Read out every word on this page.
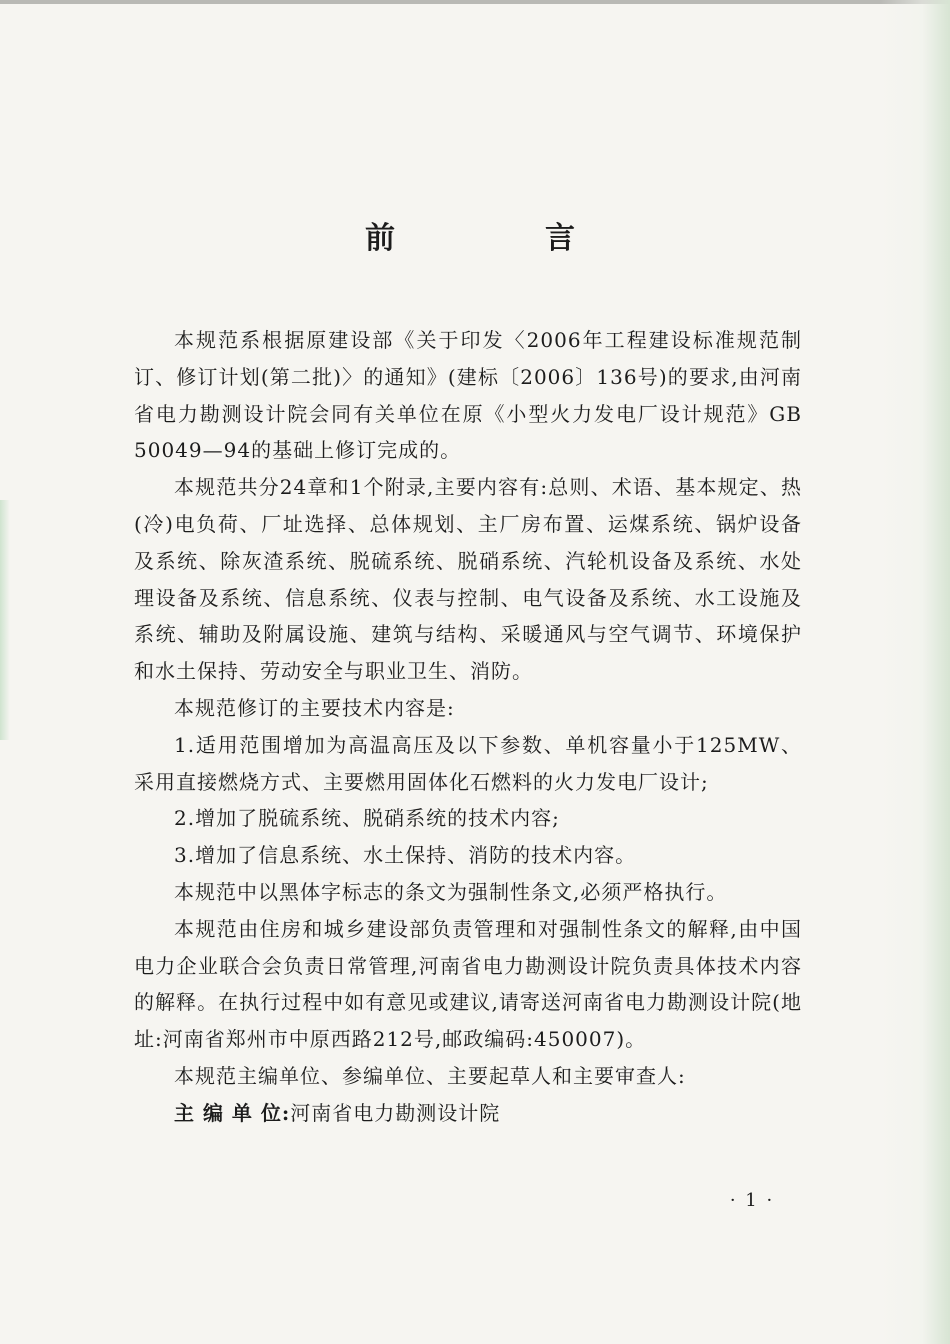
前　言

本规范系根据原建设部《关于印发〈2006年工程建设标准规范制订、修订计划(第二批)〉的通知》(建标〔2006〕136号)的要求,由河南省电力勘测设计院会同有关单位在原《小型火力发电厂设计规范》GB 50049—94的基础上修订完成的。

本规范共分24章和1个附录,主要内容有:总则、术语、基本规定、热(冷)电负荷、厂址选择、总体规划、主厂房布置、运煤系统、锅炉设备及系统、除灰渣系统、脱硫系统、脱硝系统、汽轮机设备及系统、水处理设备及系统、信息系统、仪表与控制、电气设备及系统、水工设施及系统、辅助及附属设施、建筑与结构、采暖通风与空气调节、环境保护和水土保持、劳动安全与职业卫生、消防。

本规范修订的主要技术内容是:

1.适用范围增加为高温高压及以下参数、单机容量小于125MW、采用直接燃烧方式、主要燃用固体化石燃料的火力发电厂设计;

2.增加了脱硫系统、脱硝系统的技术内容;

3.增加了信息系统、水土保持、消防的技术内容。

本规范中以黑体字标志的条文为强制性条文,必须严格执行。

本规范由住房和城乡建设部负责管理和对强制性条文的解释,由中国电力企业联合会负责日常管理,河南省电力勘测设计院负责具体技术内容的解释。在执行过程中如有意见或建议,请寄送河南省电力勘测设计院(地址:河南省郑州市中原西路212号,邮政编码:450007)。

本规范主编单位、参编单位、主要起草人和主要审查人:

主 编 单 位:河南省电力勘测设计院

· 1 ·
